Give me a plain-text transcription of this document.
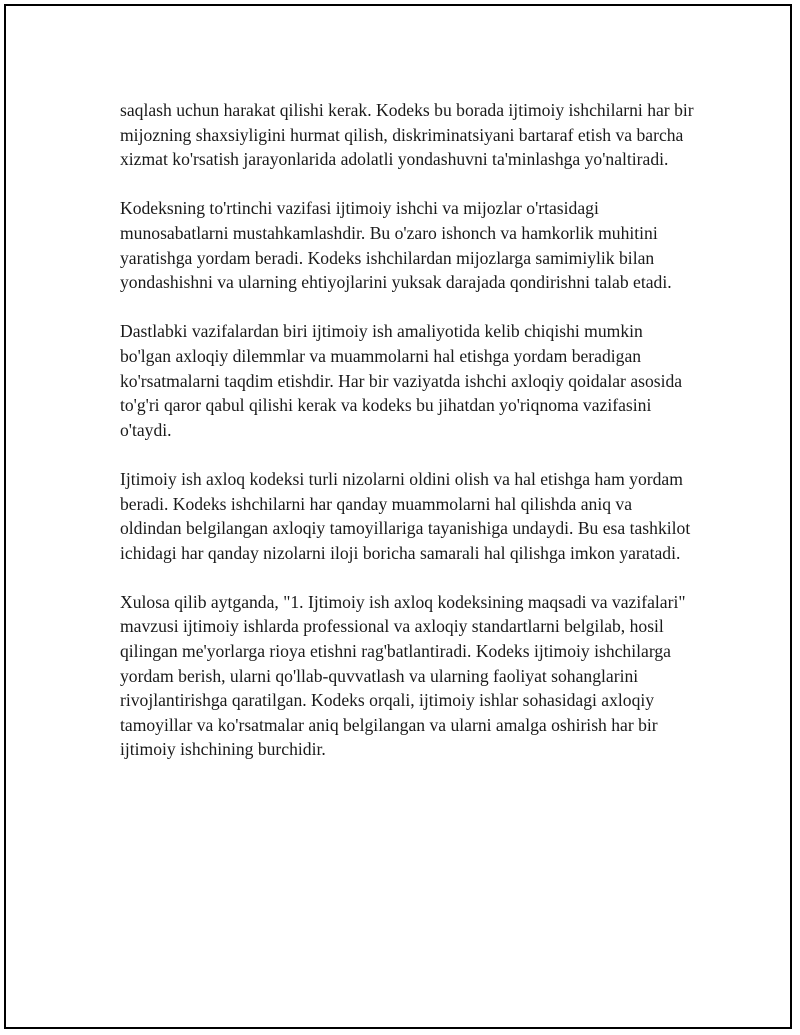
saqlash uchun harakat qilishi kerak. Kodeks bu borada ijtimoiy ishchilarni har bir mijozning shaxsiyligini hurmat qilish, diskriminatsiyani bartaraf etish va barcha xizmat ko'rsatish jarayonlarida adolatli yondashuvni ta'minlashga yo'naltiradi.

Kodeksning to'rtinchi vazifasi ijtimoiy ishchi va mijozlar o'rtasidagi munosabatlarni mustahkamlashdir. Bu o'zaro ishonch va hamkorlik muhitini yaratishga yordam beradi. Kodeks ishchilardan mijozlarga samimiylik bilan yondashishni va ularning ehtiyojlarini yuksak darajada qondirishni talab etadi.

Dastlabki vazifalardan biri ijtimoiy ish amaliyotida kelib chiqishi mumkin bo'lgan axloqiy dilemmlar va muammolarni hal etishga yordam beradigan ko'rsatmalarni taqdim etishdir. Har bir vaziyatda ishchi axloqiy qoidalar asosida to'g'ri qaror qabul qilishi kerak va kodeks bu jihatdan yo'riqnoma vazifasini o'taydi.

Ijtimoiy ish axloq kodeksi turli nizolarni oldini olish va hal etishga ham yordam beradi. Kodeks ishchilarni har qanday muammolarni hal qilishda aniq va oldindan belgilangan axloqiy tamoyillariga tayanishiga undaydi. Bu esa tashkilot ichidagi har qanday nizolarni iloji boricha samarali hal qilishga imkon yaratadi.

Xulosa qilib aytganda, "1. Ijtimoiy ish axloq kodeksining maqsadi va vazifalari" mavzusi ijtimoiy ishlarda professional va axloqiy standartlarni belgilab, hosil qilingan me'yorlarga rioya etishni rag'batlantiradi. Kodeks ijtimoiy ishchilarga yordam berish, ularni qo'llab-quvvatlash va ularning faoliyat sohanglarini rivojlantirishga qaratilgan. Kodeks orqali, ijtimoiy ishlar sohasidagi axloqiy tamoyillar va ko'rsatmalar aniq belgilangan va ularni amalga oshirish har bir ijtimoiy ishchining burchidir.
